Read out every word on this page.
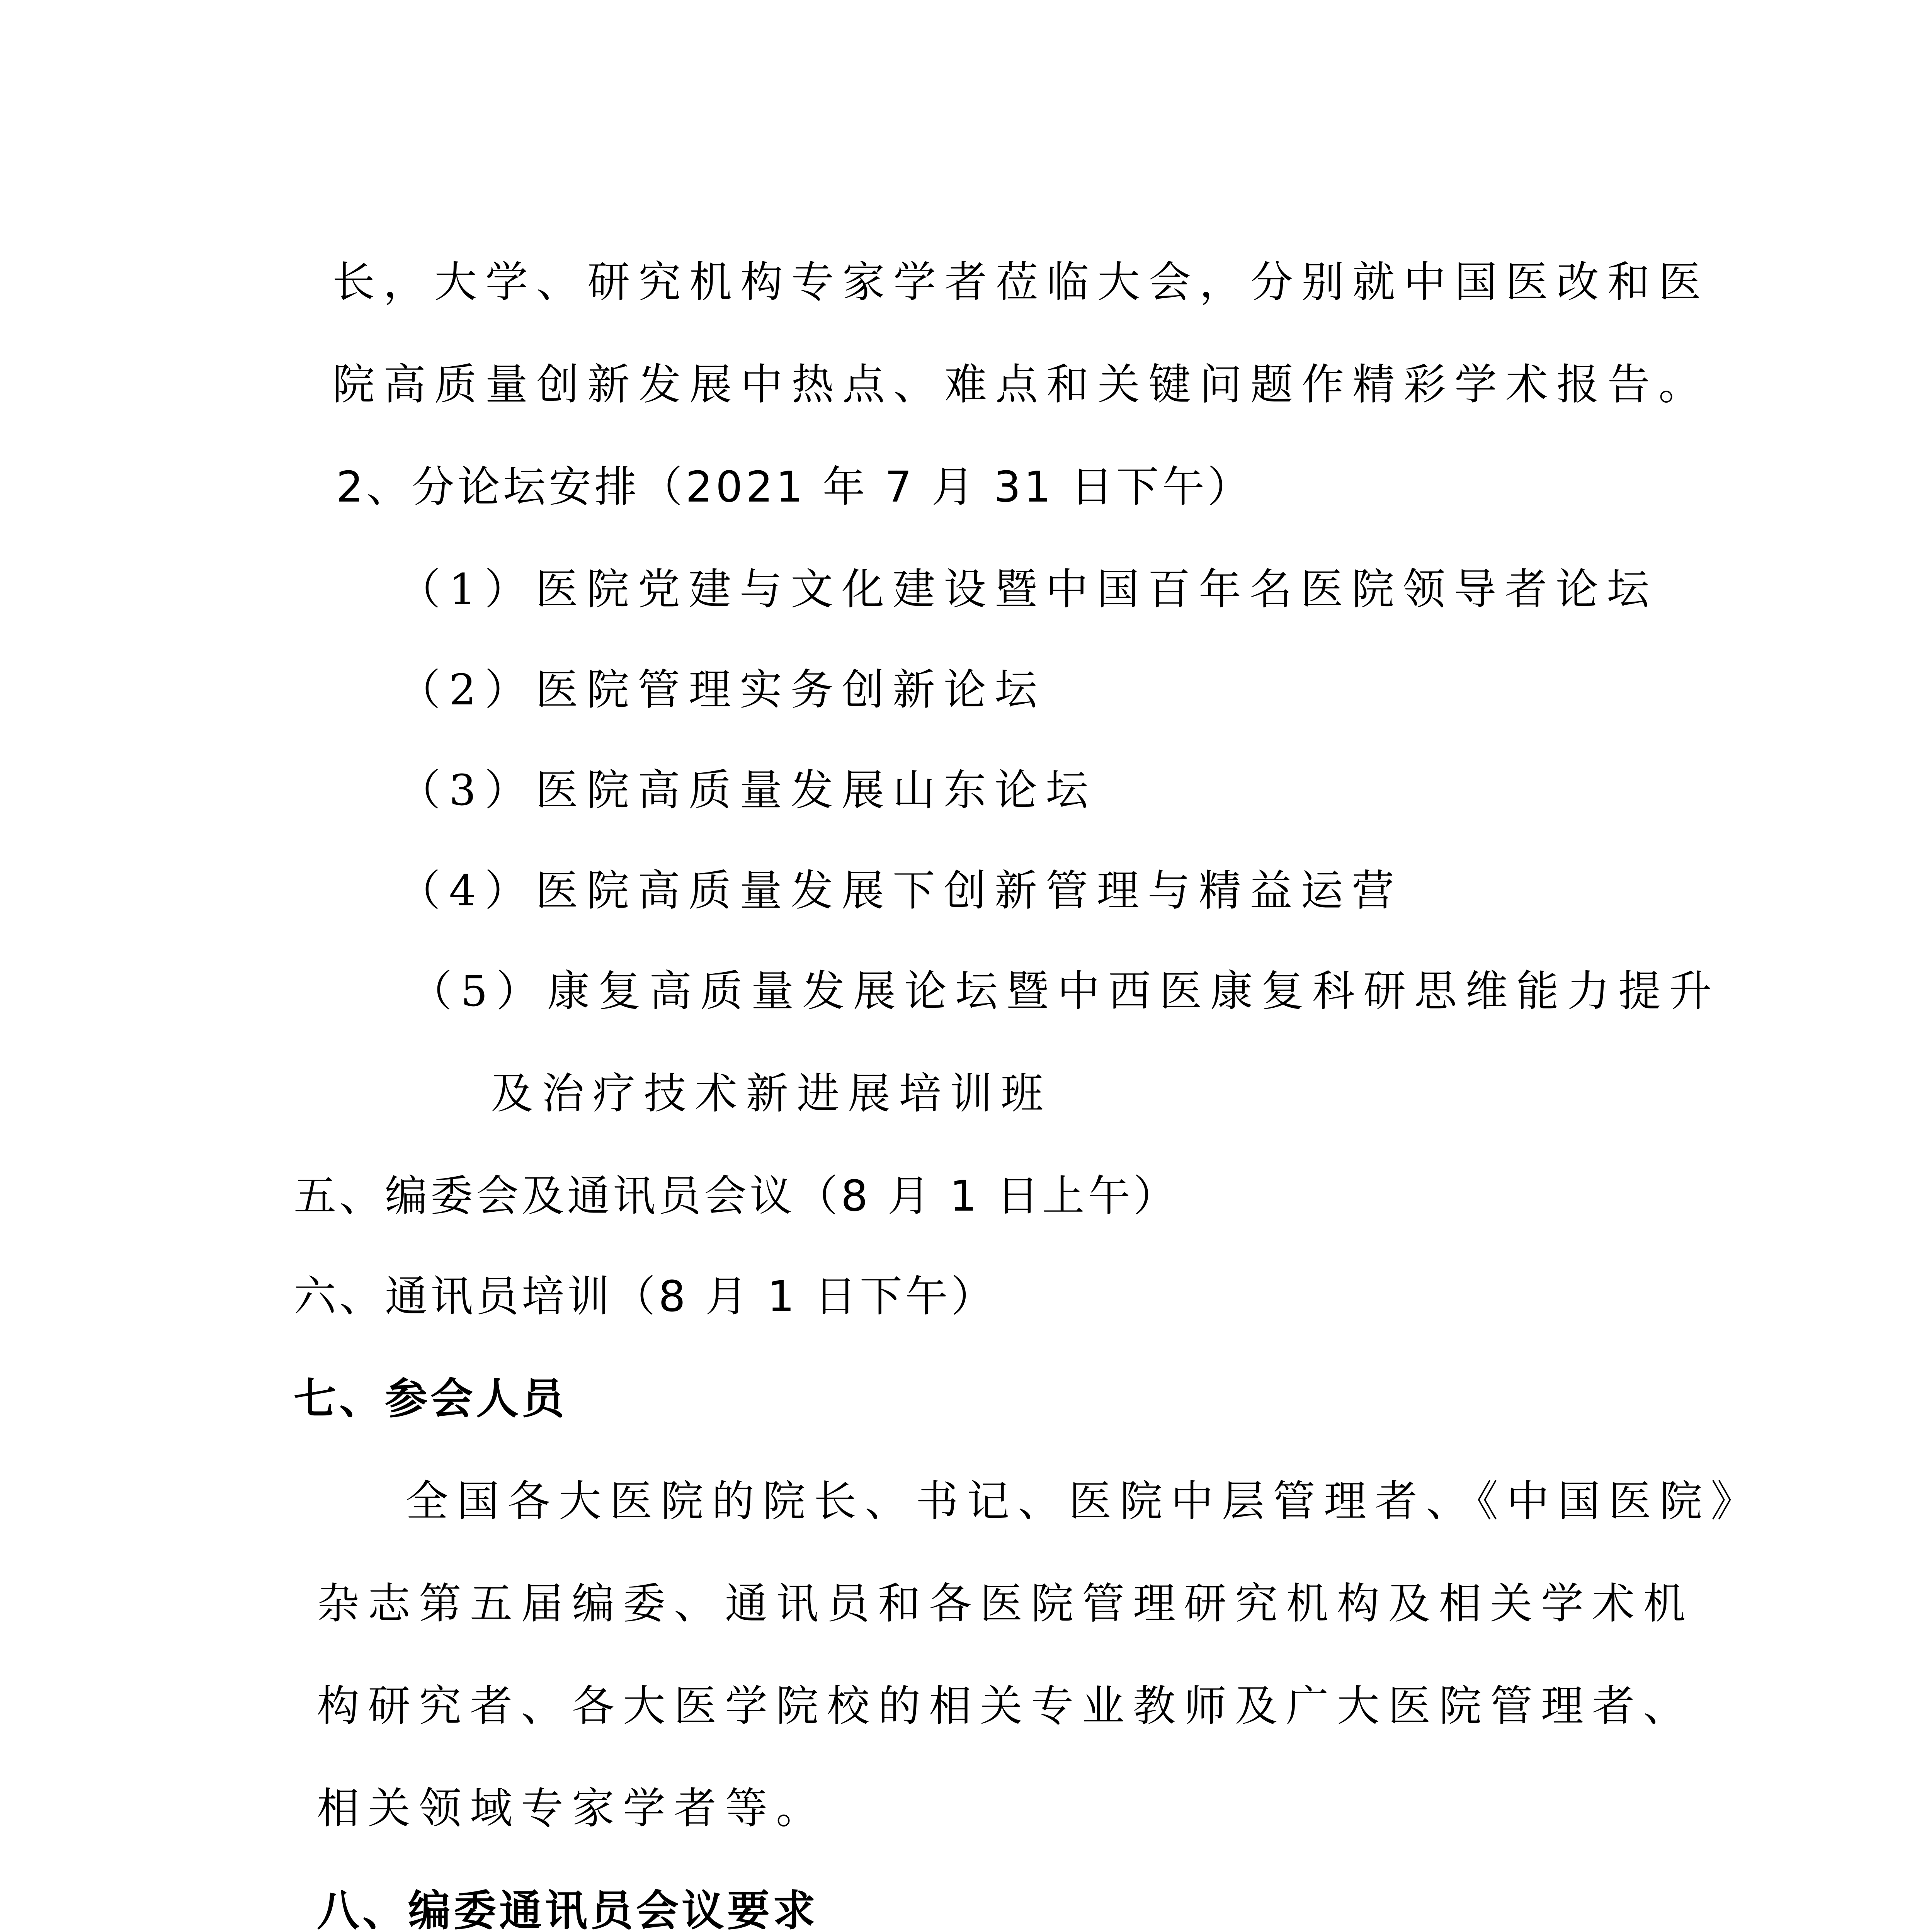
长，大学、研究机构专家学者莅临大会，分别就中国医改和医
院高质量创新发展中热点、难点和关键问题作精彩学术报告。
2、分论坛安排（2021 年 7 月 31 日下午）
（1）医院党建与文化建设暨中国百年名医院领导者论坛
（2）医院管理实务创新论坛
（3）医院高质量发展山东论坛
（4）医院高质量发展下创新管理与精益运营
（5）康复高质量发展论坛暨中西医康复科研思维能力提升
及治疗技术新进展培训班
五、编委会及通讯员会议（8 月 1 日上午）
六、通讯员培训（8 月 1 日下午）
七、参会人员
全国各大医院的院长、书记、医院中层管理者、《中国医院》
杂志第五届编委、通讯员和各医院管理研究机构及相关学术机
构研究者、各大医学院校的相关专业教师及广大医院管理者、
相关领域专家学者等。
八、编委通讯员会议要求
